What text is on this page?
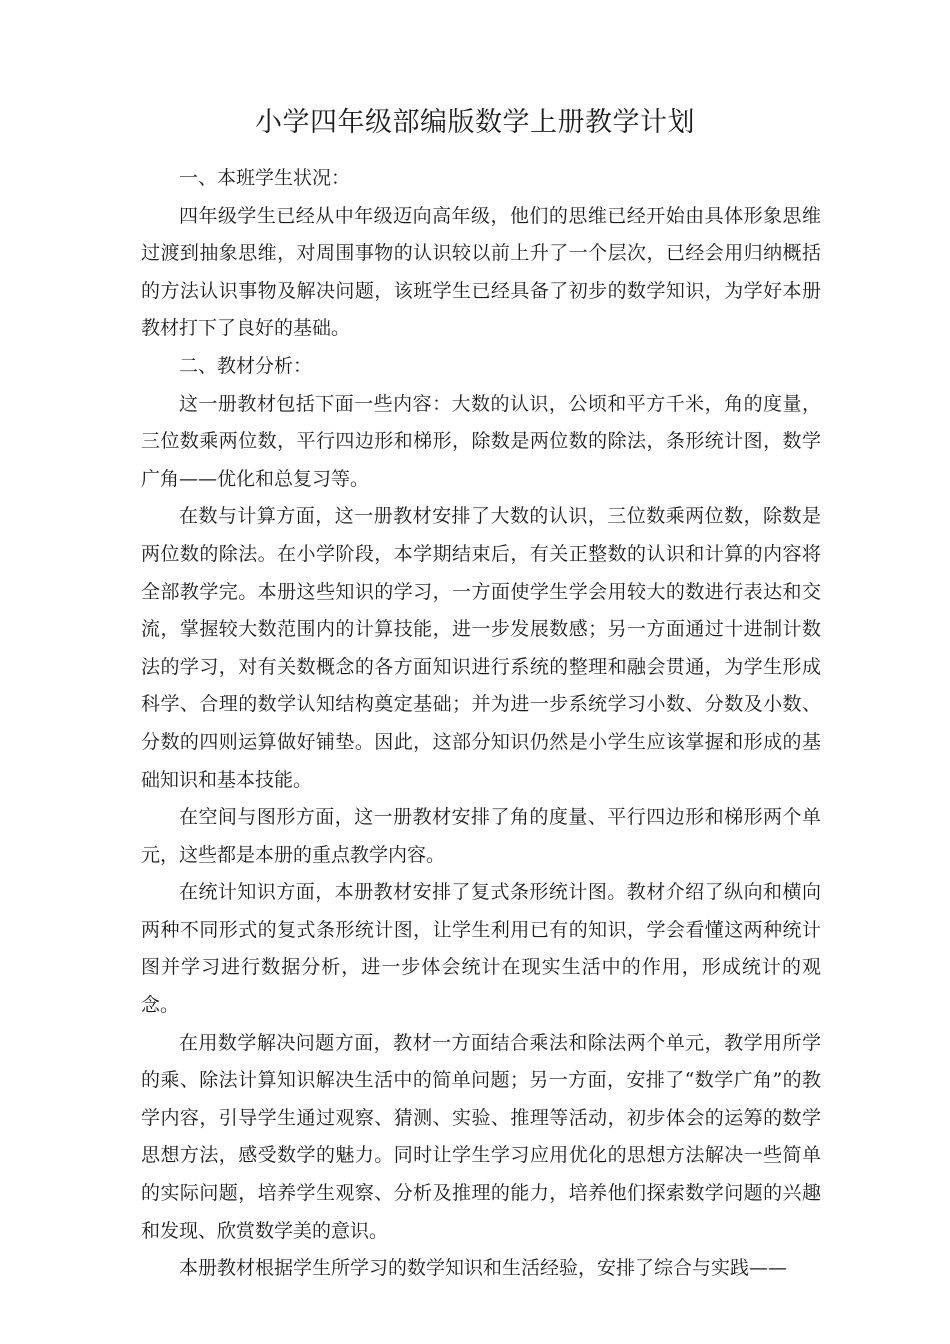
小学四年级部编版数学上册教学计划

一、本班学生状况：

四年级学生已经从中年级迈向高年级，他们的思维已经开始由具体形象思维过渡到抽象思维，对周围事物的认识较以前上升了一个层次，已经会用归纳概括的方法认识事物及解决问题，该班学生已经具备了初步的数学知识，为学好本册教材打下了良好的基础。

二、教材分析：

这一册教材包括下面一些内容：大数的认识，公顷和平方千米，角的度量，三位数乘两位数，平行四边形和梯形，除数是两位数的除法，条形统计图，数学广角——优化和总复习等。

在数与计算方面，这一册教材安排了大数的认识，三位数乘两位数，除数是两位数的除法。在小学阶段，本学期结束后，有关正整数的认识和计算的内容将全部教学完。本册这些知识的学习，一方面使学生学会用较大的数进行表达和交流，掌握较大数范围内的计算技能，进一步发展数感；另一方面通过十进制计数法的学习，对有关数概念的各方面知识进行系统的整理和融会贯通，为学生形成科学、合理的数学认知结构奠定基础；并为进一步系统学习小数、分数及小数、分数的四则运算做好铺垫。因此，这部分知识仍然是小学生应该掌握和形成的基础知识和基本技能。

在空间与图形方面，这一册教材安排了角的度量、平行四边形和梯形两个单元，这些都是本册的重点教学内容。

在统计知识方面，本册教材安排了复式条形统计图。教材介绍了纵向和横向两种不同形式的复式条形统计图，让学生利用已有的知识，学会看懂这两种统计图并学习进行数据分析，进一步体会统计在现实生活中的作用，形成统计的观念。

在用数学解决问题方面，教材一方面结合乘法和除法两个单元，教学用所学的乘、除法计算知识解决生活中的简单问题；另一方面，安排了“数学广角”的教学内容，引导学生通过观察、猜测、实验、推理等活动，初步体会的运筹的数学思想方法，感受数学的魅力。同时让学生学习应用优化的思想方法解决一些简单的实际问题，培养学生观察、分析及推理的能力，培养他们探索数学问题的兴趣和发现、欣赏数学美的意识。

本册教材根据学生所学习的数学知识和生活经验，安排了综合与实践——
